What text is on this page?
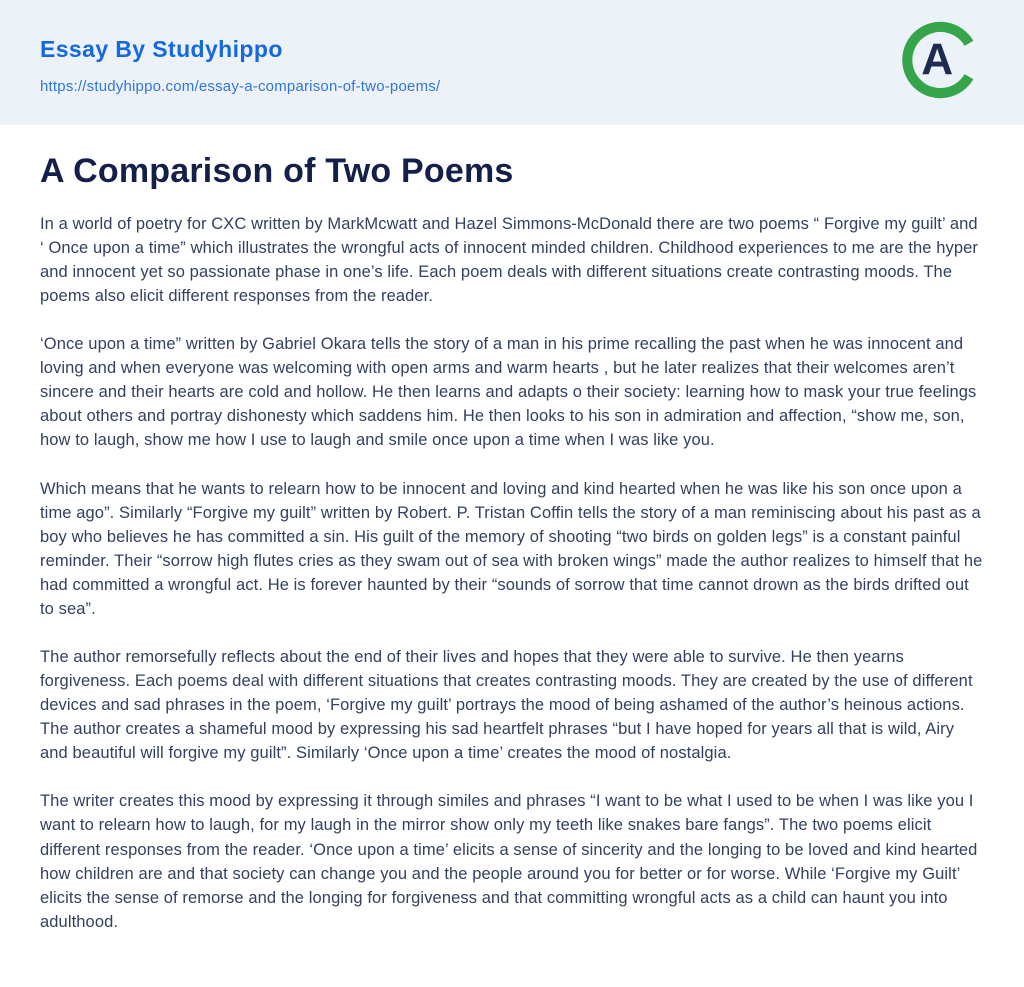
Essay By Studyhippo
https://studyhippo.com/essay-a-comparison-of-two-poems/
A
A Comparison of Two Poems

In a world of poetry for CXC written by MarkMcwatt and Hazel Simmons-McDonald there are two poems “ Forgive my guilt’ and ‘ Once upon a time” which illustrates the wrongful acts of innocent minded children. Childhood experiences to me are the hyper and innocent yet so passionate phase in one’s life. Each poem deals with different situations create contrasting moods. The poems also elicit different responses from the reader.

‘Once upon a time” written by Gabriel Okara tells the story of a man in his prime recalling the past when he was innocent and loving and when everyone was welcoming with open arms and warm hearts , but he later realizes that their welcomes aren’t sincere and their hearts are cold and hollow. He then learns and adapts o their society: learning how to mask your true feelings about others and portray dishonesty which saddens him. He then looks to his son in admiration and affection, “show me, son, how to laugh, show me how I use to laugh and smile once upon a time when I was like you.

Which means that he wants to relearn how to be innocent and loving and kind hearted when he was like his son once upon a time ago”. Similarly “Forgive my guilt” written by Robert. P. Tristan Coffin tells the story of a man reminiscing about his past as a boy who believes he has committed a sin. His guilt of the memory of shooting “two birds on golden legs” is a constant painful reminder. Their “sorrow high flutes cries as they swam out of sea with broken wings” made the author realizes to himself that he had committed a wrongful act. He is forever haunted by their “sounds of sorrow that time cannot drown as the birds drifted out to sea”.

The author remorsefully reflects about the end of their lives and hopes that they were able to survive. He then yearns forgiveness. Each poems deal with different situations that creates contrasting moods. They are created by the use of different devices and sad phrases in the poem, ‘Forgive my guilt’ portrays the mood of being ashamed of the author’s heinous actions. The author creates a shameful mood by expressing his sad heartfelt phrases “but I have hoped for years all that is wild, Airy and beautiful will forgive my guilt”. Similarly ‘Once upon a time’ creates the mood of nostalgia.

The writer creates this mood by expressing it through similes and phrases “I want to be what I used to be when I was like you I want to relearn how to laugh, for my laugh in the mirror show only my teeth like snakes bare fangs”. The two poems elicit different responses from the reader. ‘Once upon a time’ elicits a sense of sincerity and the longing to be loved and kind hearted how children are and that society can change you and the people around you for better or for worse. While ‘Forgive my Guilt’ elicits the sense of remorse and the longing for forgiveness and that committing wrongful acts as a child can haunt you into adulthood.
